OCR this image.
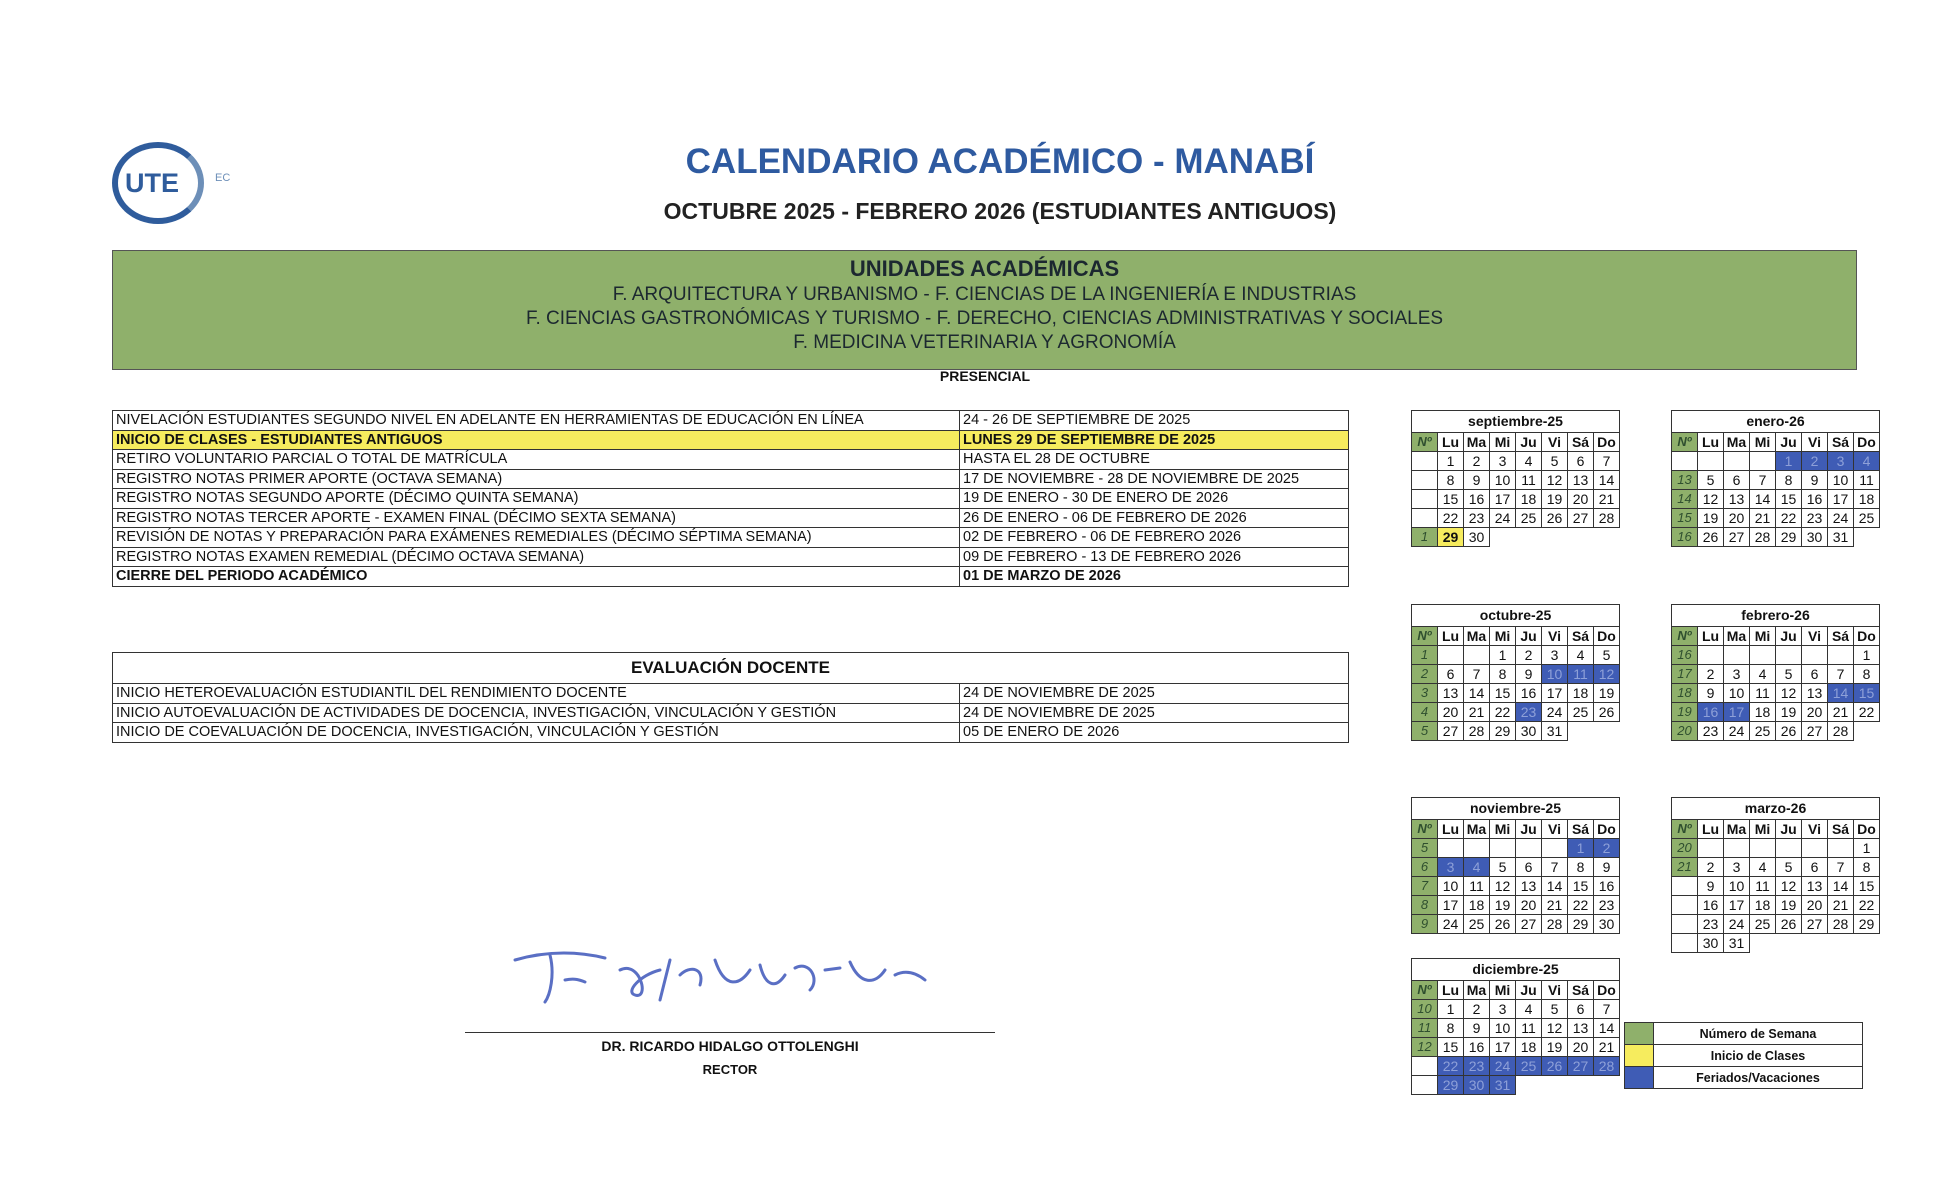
UTE	EC	CALENDARIO ACADÉMICO - MANABÍ
OCTUBRE 2025 - FEBRERO 2026 (ESTUDIANTES ANTIGUOS)
UNIDADES ACADÉMICAS
F. ARQUITECTURA Y URBANISMO - F. CIENCIAS DE LA INGENIERÍA E INDUSTRIAS
F. CIENCIAS GASTRONÓMICAS Y TURISMO - F. DERECHO, CIENCIAS ADMINISTRATIVAS Y SOCIALES
F. MEDICINA VETERINARIA Y AGRONOMÍA
PRESENCIAL
NIVELACIÓN ESTUDIANTES SEGUNDO NIVEL EN ADELANTE EN HERRAMIENTAS DE EDUCACIÓN EN LÍNEA	24 - 26 DE SEPTIEMBRE DE 2025
INICIO DE CLASES - ESTUDIANTES ANTIGUOS	LUNES 29 DE SEPTIEMBRE DE 2025
RETIRO VOLUNTARIO PARCIAL O TOTAL DE MATRÍCULA	HASTA EL 28 DE OCTUBRE
REGISTRO NOTAS PRIMER APORTE (OCTAVA SEMANA)	17 DE NOVIEMBRE - 28 DE NOVIEMBRE DE 2025
REGISTRO NOTAS SEGUNDO APORTE (DÉCIMO QUINTA SEMANA)	19 DE ENERO - 30 DE ENERO DE 2026
REGISTRO NOTAS TERCER APORTE - EXAMEN FINAL (DÉCIMO SEXTA SEMANA)	26 DE ENERO - 06 DE FEBRERO DE 2026
REVISIÓN DE NOTAS Y PREPARACIÓN PARA EXÁMENES REMEDIALES (DÉCIMO SÉPTIMA SEMANA)	02 DE FEBRERO - 06 DE FEBRERO 2026
REGISTRO NOTAS EXAMEN REMEDIAL (DÉCIMO OCTAVA SEMANA)	09 DE FEBRERO - 13 DE FEBRERO 2026
CIERRE DEL PERIODO ACADÉMICO	01 DE MARZO DE 2026
EVALUACIÓN DOCENTE	
INICIO HETEROEVALUACIÓN ESTUDIANTIL DEL RENDIMIENTO DOCENTE	24 DE NOVIEMBRE DE 2025
INICIO AUTOEVALUACIÓN DE ACTIVIDADES DE DOCENCIA, INVESTIGACIÓN, VINCULACIÓN Y GESTIÓN	24 DE NOVIEMBRE DE 2025
INICIO DE COEVALUACIÓN DE DOCENCIA, INVESTIGACIÓN, VINCULACIÓN Y GESTIÓN	05 DE ENERO DE 2026
septiembre-25							
Nº	Lu	Ma	Mi	Ju	Vi	Sá	Do
	1	2	3	4	5	6	7
	8	9	10	11	12	13	14
	15	16	17	18	19	20	21
	22	23	24	25	26	27	28
1	29	30					
enero-26							
Nº	Lu	Ma	Mi	Ju	Vi	Sá	Do
				1	2	3	4
13	5	6	7	8	9	10	11
14	12	13	14	15	16	17	18
15	19	20	21	22	23	24	25
16	26	27	28	29	30	31	
octubre-25							
Nº	Lu	Ma	Mi	Ju	Vi	Sá	Do
1			1	2	3	4	5
2	6	7	8	9	10	11	12
3	13	14	15	16	17	18	19
4	20	21	22	23	24	25	26
5	27	28	29	30	31		
febrero-26							
Nº	Lu	Ma	Mi	Ju	Vi	Sá	Do
16							1
17	2	3	4	5	6	7	8
18	9	10	11	12	13	14	15
19	16	17	18	19	20	21	22
20	23	24	25	26	27	28	
noviembre-25							
Nº	Lu	Ma	Mi	Ju	Vi	Sá	Do
5						1	2
6	3	4	5	6	7	8	9
7	10	11	12	13	14	15	16
8	17	18	19	20	21	22	23
9	24	25	26	27	28	29	30
marzo-26							
Nº	Lu	Ma	Mi	Ju	Vi	Sá	Do
20							1
21	2	3	4	5	6	7	8
	9	10	11	12	13	14	15
	16	17	18	19	20	21	22
	23	24	25	26	27	28	29
	30	31					
diciembre-25							
Nº	Lu	Ma	Mi	Ju	Vi	Sá	Do
10	1	2	3	4	5	6	7
11	8	9	10	11	12	13	14
12	15	16	17	18	19	20	21
	22	23	24	25	26	27	28
	29	30	31				
	Número de Semana
	Inicio de Clases
	Feriados/Vacaciones
DR. RICARDO HIDALGO OTTOLENGHI
RECTOR
